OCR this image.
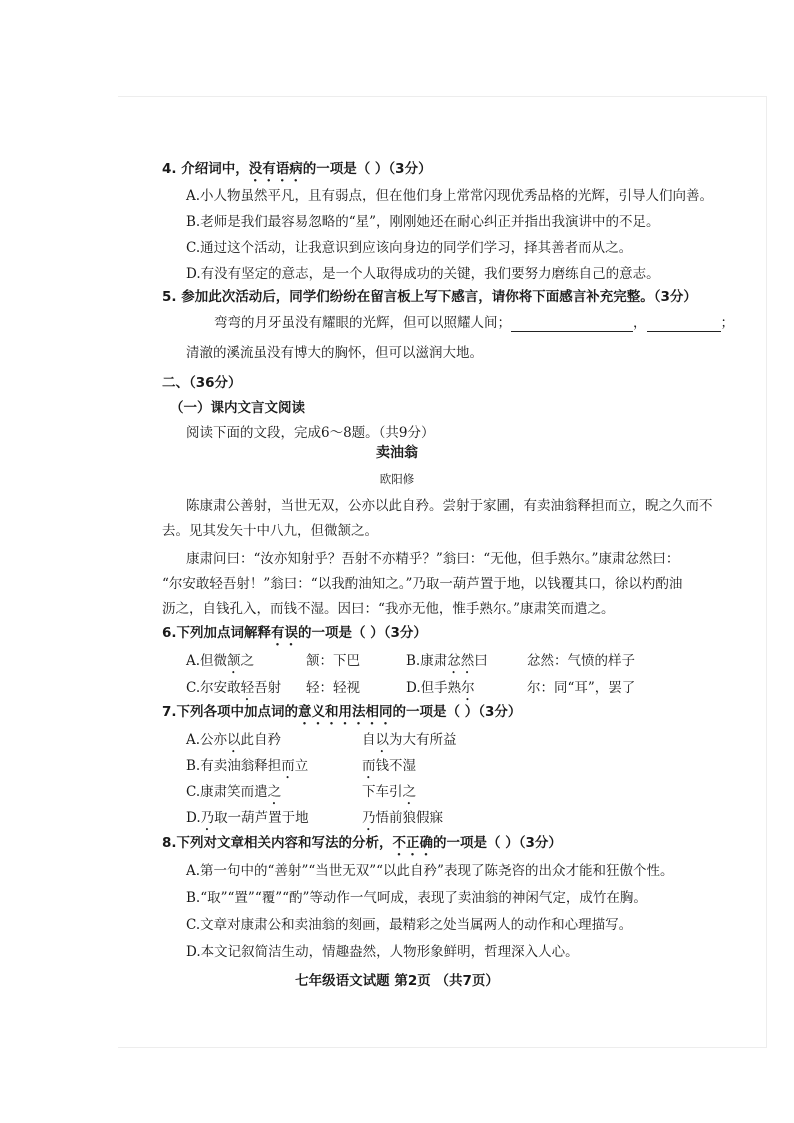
4. 介绍词中，没有语病的一项是（ ）（3分）
A.小人物虽然平凡，且有弱点，但在他们身上常常闪现优秀品格的光辉，引导人们向善。
B.老师是我们最容易忽略的“星”，刚刚她还在耐心纠正并指出我演讲中的不足。
C.通过这个活动，让我意识到应该向身边的同学们学习，择其善者而从之。
D.有没有坚定的意志，是一个人取得成功的关键，我们要努力磨练自己的意志。
5. 参加此次活动后，同学们纷纷在留言板上写下感言，请你将下面感言补充完整。（3分）
弯弯的月牙虽没有耀眼的光辉，但可以照耀人间；	，	；
清澈的溪流虽没有博大的胸怀，但可以滋润大地。
二、（36分）
（一）课内文言文阅读
阅读下面的文段，完成6～8题。（共9分）
卖油翁
欧阳修
陈康肃公善射，当世无双，公亦以此自矜。尝射于家圃，有卖油翁释担而立，睨之久而不
去。见其发矢十中八九，但微颔之。
康肃问曰：“汝亦知射乎？吾射不亦精乎？”翁曰：“无他，但手熟尔。”康肃忿然曰：
“尔安敢轻吾射！”翁曰：“以我酌油知之。”乃取一葫芦置于地，以钱覆其口，徐以杓酌油
沥之，自钱孔入，而钱不湿。因曰：“我亦无他，惟手熟尔。”康肃笑而遣之。
6.下列加点词解释有误的一项是（ ）（3分）
A.但微颔之	颔：下巴	B.康肃忿然曰	忿然：气愤的样子
C.尔安敢轻吾射 轻：轻视	D.但手熟尔	尔：同“耳”，罢了
7.下列各项中加点词的意义和用法相同的一项是（ ）（3分）
A.公亦以此自矜	自以为大有所益
B.有卖油翁释担而立	而钱不湿
C.康肃笑而遣之	下车引之
D.乃取一葫芦置于地	乃悟前狼假寐
8.下列对文章相关内容和写法的分析，不正确的一项是（ ）（3分）
A.第一句中的“善射”“当世无双”“以此自矜”表现了陈尧咨的出众才能和狂傲个性。
B.“取”“置”“覆”“酌”等动作一气呵成，表现了卖油翁的神闲气定，成竹在胸。
C.文章对康肃公和卖油翁的刻画，最精彩之处当属两人的动作和心理描写。
D.本文记叙简洁生动，情趣盎然，人物形象鲜明，哲理深入人心。
七年级语文试题 第2页 （共7页）
